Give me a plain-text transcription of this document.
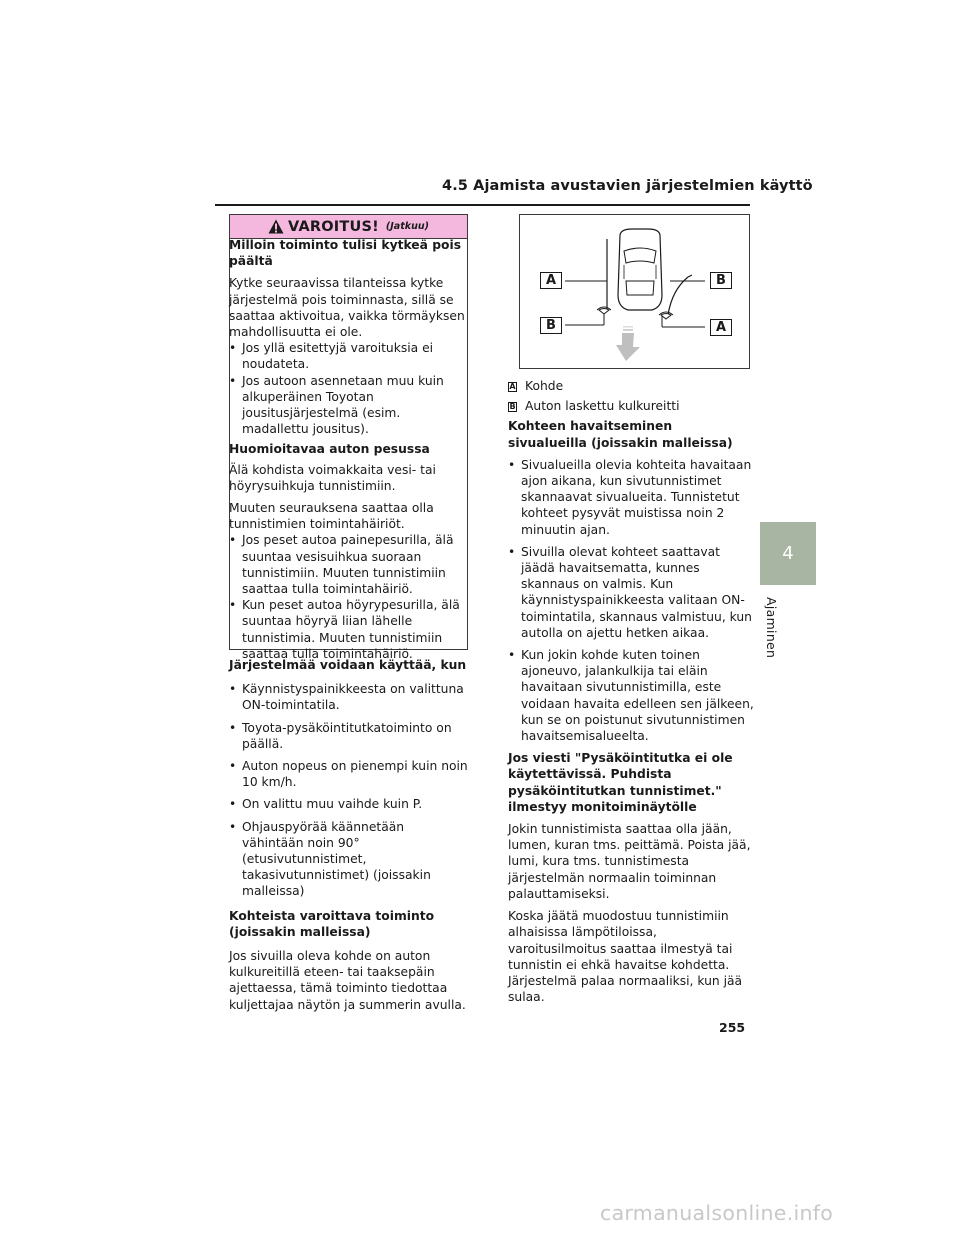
4.5 Ajamista avustavien järjestelmien käyttö
VAROITUS! (Jatkuu)

Milloin toiminto tulisi kytkeä pois päältä

Kytke seuraavissa tilanteissa kytke järjestelmä pois toiminnasta, sillä se saattaa aktivoitua, vaikka törmäyksen mahdollisuutta ei ole.

• Jos yllä esitettyjä varoituksia ei noudateta.

• Jos autoon asennetaan muu kuin alkuperäinen Toyotan jousitusjärjestelmä (esim. madallettu jousitus).

Huomioitavaa auton pesussa

Älä kohdista voimakkaita vesi- tai höyrysuihkuja tunnistimiin.

Muuten seurauksena saattaa olla tunnistimien toimintahäiriöt.

• Jos peset autoa painepesurilla, älä suuntaa vesisuihkua suoraan tunnistimiin. Muuten tunnistimiin saattaa tulla toimintahäiriö.

• Kun peset autoa höyrypesurilla, älä suuntaa höyryä liian lähelle tunnistimia. Muuten tunnistimiin saattaa tulla toimintahäiriö.

Järjestelmää voidaan käyttää, kun

• Käynnistyspainikkeesta on valittuna ON-toimintatila.

• Toyota-pysäköintitutkatoiminto on päällä.

• Auton nopeus on pienempi kuin noin 10 km/h.

• On valittu muu vaihde kuin P.

• Ohjauspyörää käännetään vähintään noin 90° (etusivutunnistimet, takasivutunnistimet) (joissakin malleissa)

Kohteista varoittava toiminto (joissakin malleissa)

Jos sivuilla oleva kohde on auton kulkureitillä eteen- tai taaksepäin ajettaessa, tämä toiminto tiedottaa kuljettajaa näytön ja summerin avulla.

A	B
B	A

A Kohde

B Auton laskettu kulkureitti

Kohteen havaitseminen sivualueilla (joissakin malleissa)

• Sivualueilla olevia kohteita havaitaan ajon aikana, kun sivutunnistimet skannaavat sivualueita. Tunnistetut kohteet pysyvät muistissa noin 2 minuutin ajan.

• Sivuilla olevat kohteet saattavat jäädä havaitsematta, kunnes skannaus on valmis. Kun käynnistyspainikkeesta valitaan ON-toimintatila, skannaus valmistuu, kun autolla on ajettu hetken aikaa.

• Kun jokin kohde kuten toinen ajoneuvo, jalankulkija tai eläin havaitaan sivutunnistimilla, este voidaan havaita edelleen sen jälkeen, kun se on poistunut sivutunnistimen havaitsemisalueelta.

Jos viesti "Pysäköintitutka ei ole käytettävissä. Puhdista pysäköintitutkan tunnistimet." ilmestyy monitoiminäytölle

Jokin tunnistimista saattaa olla jään, lumen, kuran tms. peittämä. Poista jää, lumi, kura tms. tunnistimesta järjestelmän normaalin toiminnan palauttamiseksi.

Koska jäätä muodostuu tunnistimiin alhaisissa lämpötiloissa, varoitusilmoitus saattaa ilmestyä tai tunnistin ei ehkä havaitse kohdetta. Järjestelmä palaa normaaliksi, kun jää sulaa.

4
Ajaminen
255
carmanualsonline.info
